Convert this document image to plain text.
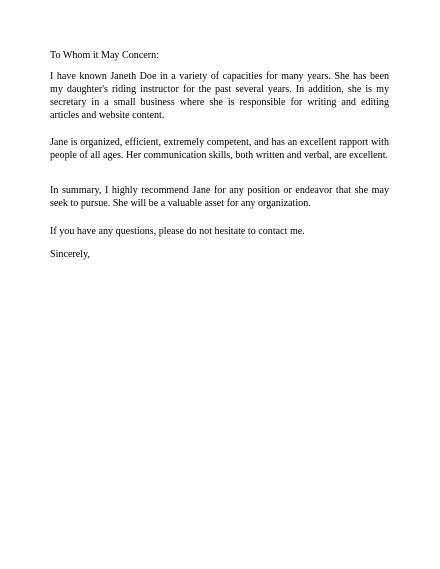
To Whom it May Concern:

I have known Janeth Doe in a variety of capacities for many years. She has been my daughter's riding instructor for the past several years. In addition, she is my secretary in a small business where she is responsible for writing and editing articles and website content.

Jane is organized, efficient, extremely competent, and has an excellent rapport with people of all ages. Her communication skills, both written and verbal, are excellent.

In summary, I highly recommend Jane for any position or endeavor that she may seek to pursue. She will be a valuable asset for any organization.

If you have any questions, please do not hesitate to contact me.

Sincerely,
